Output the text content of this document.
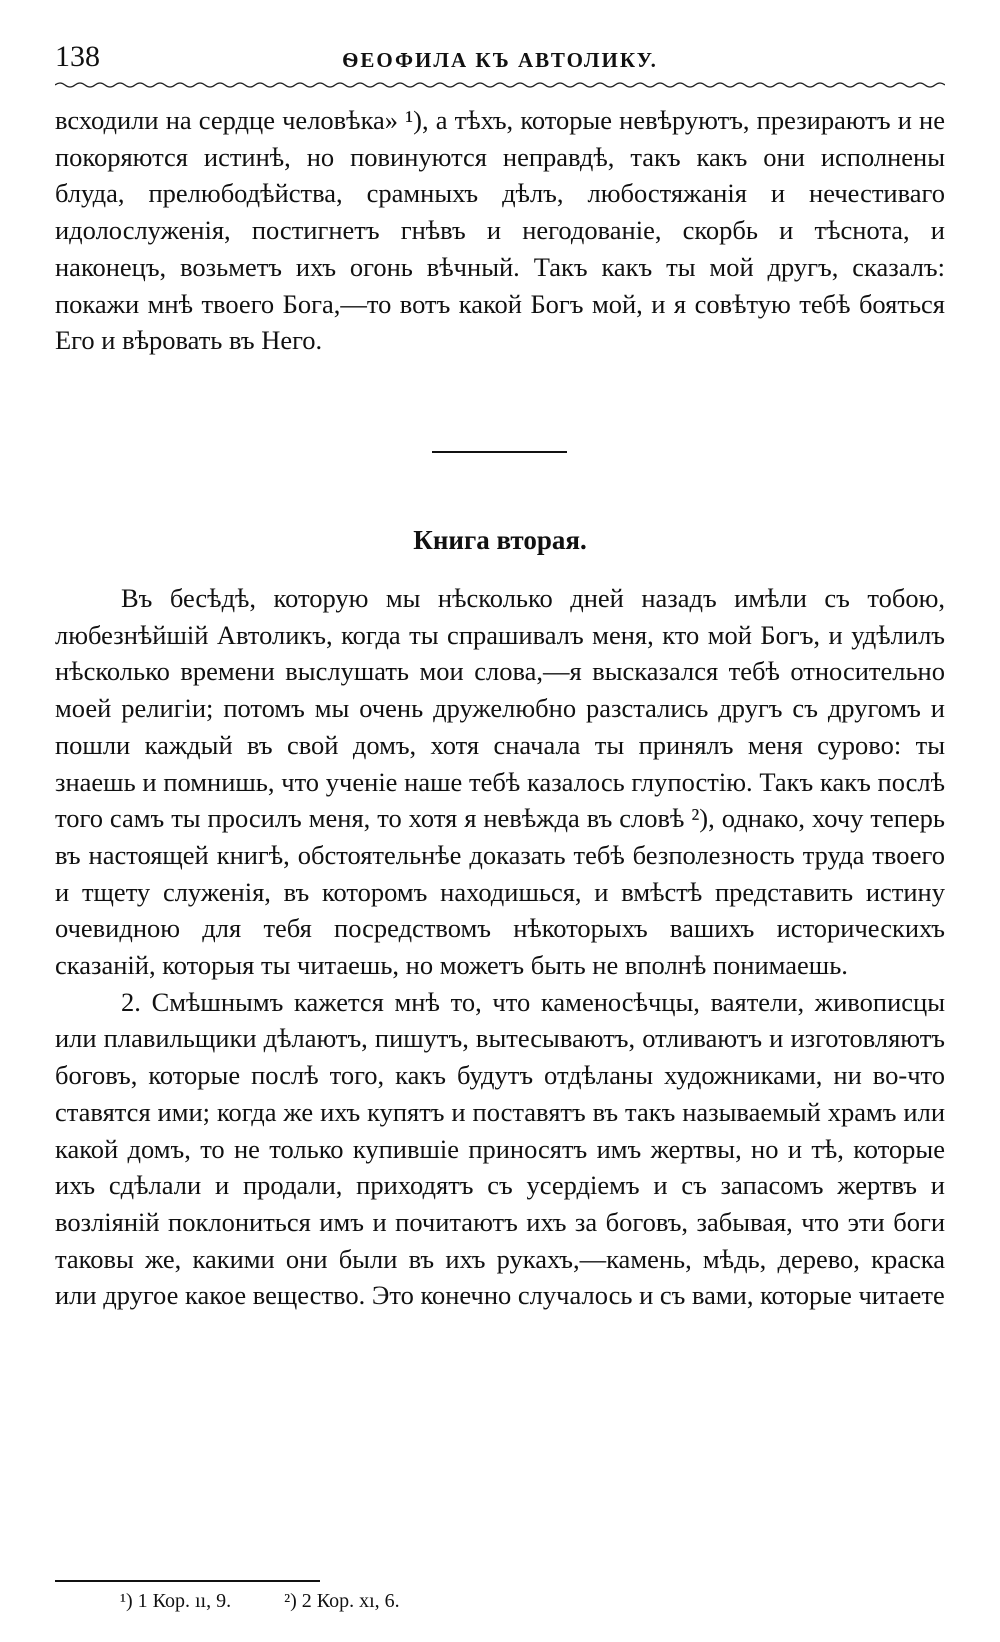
138	ѲЕОФИЛА КЪ АВТОЛИКУ.

всходили на сердце человѣка» ¹), а тѣхъ, которые невѣруютъ, презираютъ и не покоряются истинѣ, но повинуются неправдѣ, такъ какъ они исполнены блуда, прелюбодѣйства, срамныхъ дѣлъ, любостяжанія и нечестиваго идолослуженія, постигнетъ гнѣвъ и негодованіе, скорбь и тѣснота, и наконецъ, возьметъ ихъ огонь вѣчный. Такъ какъ ты мой другъ, сказалъ: покажи мнѣ твоего Бога,—то вотъ какой Богъ мой, и я совѣтую тебѣ бояться Его и вѣровать въ Него.

Книга вторая.

Въ бесѣдѣ, которую мы нѣсколько дней назадъ имѣли съ тобою, любезнѣйшій Автоликъ, когда ты спрашивалъ меня, кто мой Богъ, и удѣлилъ нѣсколько времени выслушать мои слова,—я высказался тебѣ относительно моей религіи; потомъ мы очень дружелюбно разстались другъ съ другомъ и пошли каждый въ свой домъ, хотя сначала ты принялъ меня сурово: ты знаешь и помнишь, что ученіе наше тебѣ казалось глупостію. Такъ какъ послѣ того самъ ты просилъ меня, то хотя я невѣжда въ словѣ ²), однако, хочу теперь въ настоящей книгѣ, обстоятельнѣе доказать тебѣ безполезность труда твоего и тщету служенія, въ которомъ находишься, и вмѣстѣ представить истину очевидною для тебя посредствомъ нѣкоторыхъ вашихъ историческихъ сказаній, которыя ты читаешь, но можетъ быть не вполнѣ понимаешь.

2. Смѣшнымъ кажется мнѣ то, что каменосѣчцы, ваятели, живописцы или плавильщики дѣлаютъ, пишутъ, вытесываютъ, отливаютъ и изготовляютъ боговъ, которые послѣ того, какъ будутъ отдѣланы художниками, ни во-что ставятся ими; когда же ихъ купятъ и поставятъ въ такъ называемый храмъ или какой домъ, то не только купившіе приносятъ имъ жертвы, но и тѣ, которые ихъ сдѣлали и продали, приходятъ съ усердіемъ и съ запасомъ жертвъ и возліяній поклониться имъ и почитаютъ ихъ за боговъ, забывая, что эти боги таковы же, какими они были въ ихъ рукахъ,—камень, мѣдь, дерево, краска или другое какое вещество. Это конечно случалось и съ вами, которые читаете

¹) 1 Кор. ıı, 9.	²) 2 Кор. xı, 6.
